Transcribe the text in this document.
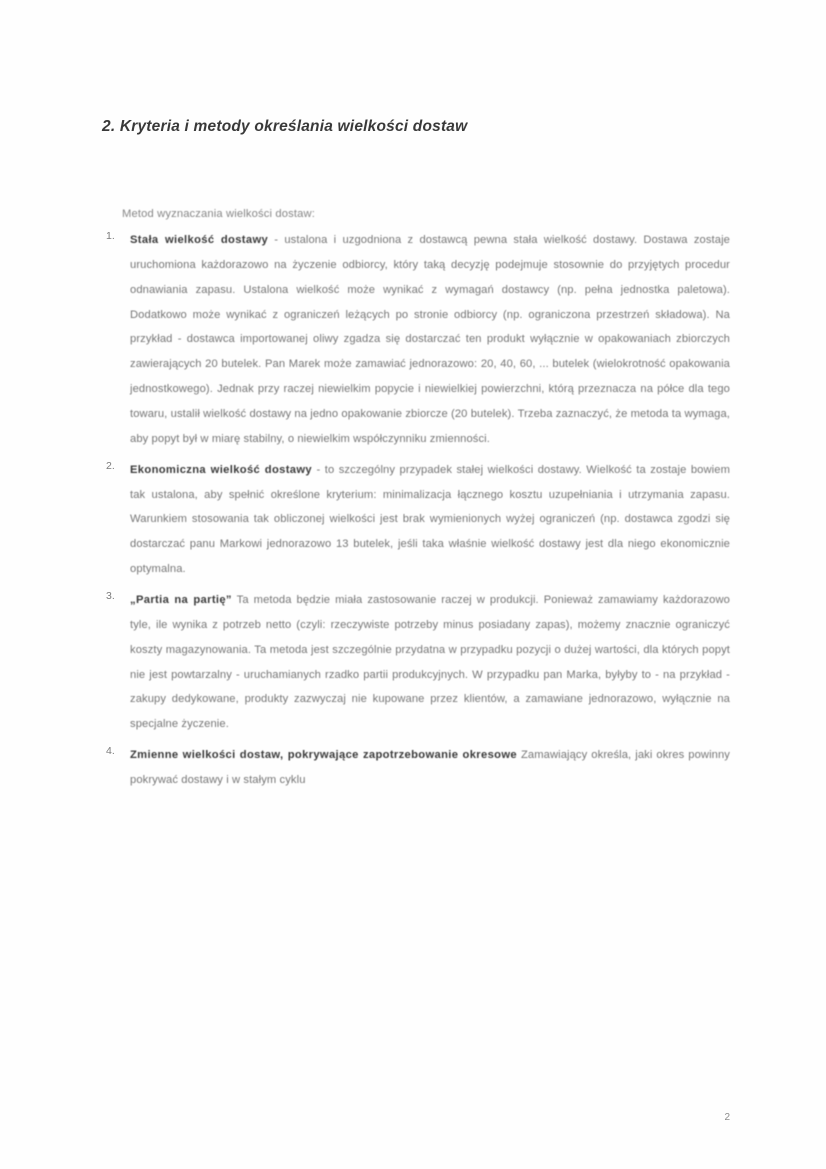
2. Kryteria i metody określania wielkości dostaw

Metod wyznaczania wielkości dostaw:

Stała wielkość dostawy - ustalona i uzgodniona z dostawcą pewna stała wielkość dostawy. Dostawa zostaje uruchomiona każdorazowo na życzenie odbiorcy, który taką decyzję podejmuje stosownie do przyjętych procedur odnawiania zapasu. Ustalona wielkość może wynikać z wymagań dostawcy (np. pełna jednostka paletowa). Dodatkowo może wynikać z ograniczeń leżących po stronie odbiorcy (np. ograniczona przestrzeń składowa). Na przykład - dostawca importowanej oliwy zgadza się dostarczać ten produkt wyłącznie w opakowaniach zbiorczych zawierających 20 butelek. Pan Marek może zamawiać jednorazowo: 20, 40, 60, ... butelek (wielokrotność opakowania jednostkowego). Jednak przy raczej niewielkim popycie i niewielkiej powierzchni, którą przeznacza na półce dla tego towaru, ustalił wielkość dostawy na jedno opakowanie zbiorcze (20 butelek). Trzeba zaznaczyć, że metoda ta wymaga, aby popyt był w miarę stabilny, o niewielkim współczynniku zmienności.

Ekonomiczna wielkość dostawy - to szczególny przypadek stałej wielkości dostawy. Wielkość ta zostaje bowiem tak ustalona, aby spełnić określone kryterium: minimalizacja łącznego kosztu uzupełniania i utrzymania zapasu. Warunkiem stosowania tak obliczonej wielkości jest brak wymienionych wyżej ograniczeń (np. dostawca zgodzi się dostarczać panu Markowi jednorazowo 13 butelek, jeśli taka właśnie wielkość dostawy jest dla niego ekonomicznie optymalna.

„Partia na partię” Ta metoda będzie miała zastosowanie raczej w produkcji. Ponieważ zamawiamy każdorazowo tyle, ile wynika z potrzeb netto (czyli: rzeczywiste potrzeby minus posiadany zapas), możemy znacznie ograniczyć koszty magazynowania. Ta metoda jest szczególnie przydatna w przypadku pozycji o dużej wartości, dla których popyt nie jest powtarzalny - uruchamianych rzadko partii produkcyjnych. W przypadku pan Marka, byłyby to - na przykład - zakupy dedykowane, produkty zazwyczaj nie kupowane przez klientów, a zamawiane jednorazowo, wyłącznie na specjalne życzenie.

Zmienne wielkości dostaw, pokrywające zapotrzebowanie okresowe Zamawiający określa, jaki okres powinny pokrywać dostawy i w stałym cyklu

2
